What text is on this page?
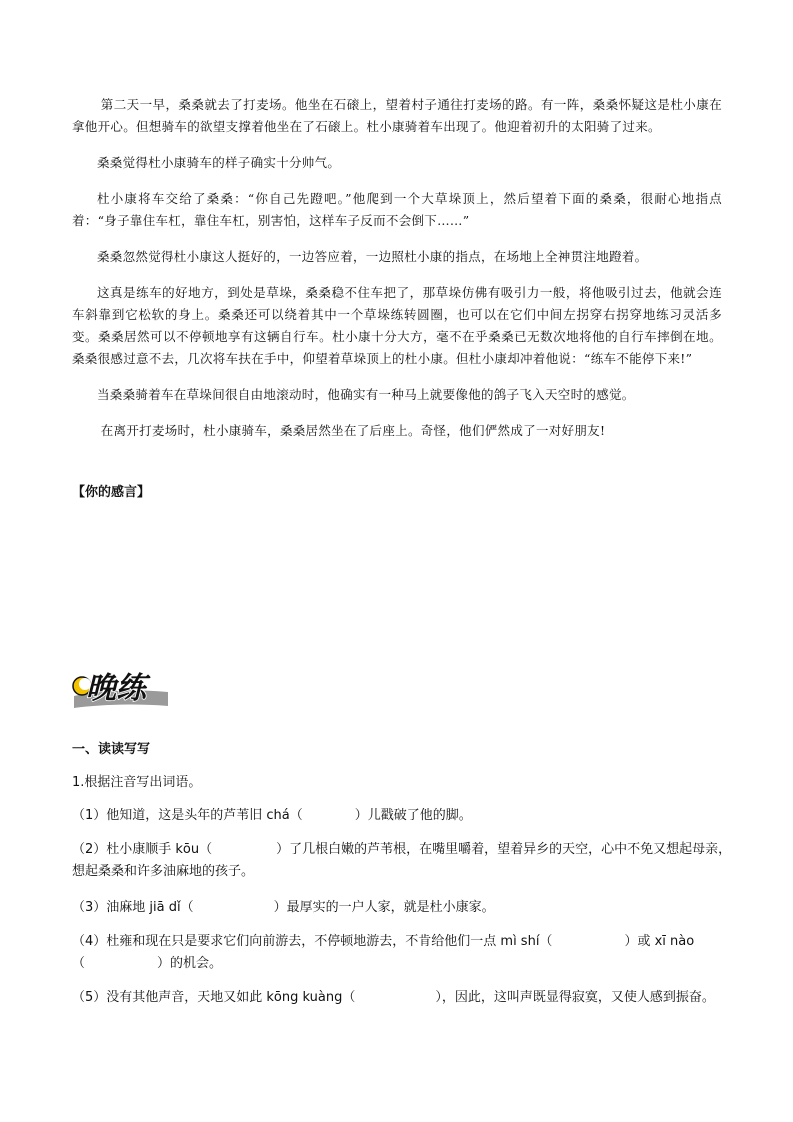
第二天一早，桑桑就去了打麦场。他坐在石磙上，望着村子通往打麦场的路。有一阵，桑桑怀疑这是杜小康在拿他开心。但想骑车的欲望支撑着他坐在了石磙上。杜小康骑着车出现了。他迎着初升的太阳骑了过来。

桑桑觉得杜小康骑车的样子确实十分帅气。

杜小康将车交给了桑桑：“你自己先蹬吧。”他爬到一个大草垛顶上，然后望着下面的桑桑，很耐心地指点着：“身子靠住车杠，靠住车杠，别害怕，这样车子反而不会倒下……”

桑桑忽然觉得杜小康这人挺好的，一边答应着，一边照杜小康的指点，在场地上全神贯注地蹬着。

这真是练车的好地方，到处是草垛，桑桑稳不住车把了，那草垛仿佛有吸引力一般，将他吸引过去，他就会连车斜靠到它松软的身上。桑桑还可以绕着其中一个草垛练转圆圈，也可以在它们中间左拐穿右拐穿地练习灵活多变。桑桑居然可以不停顿地享有这辆自行车。杜小康十分大方，毫不在乎桑桑已无数次地将他的自行车摔倒在地。桑桑很感过意不去，几次将车扶在手中，仰望着草垛顶上的杜小康。但杜小康却冲着他说：“练车不能停下来!”

当桑桑骑着车在草垛间很自由地滚动时，他确实有一种马上就要像他的鸽子飞入天空时的感觉。

在离开打麦场时，杜小康骑车，桑桑居然坐在了后座上。奇怪，他们俨然成了一对好朋友!

【你的感言】
晚练
一、读读写写
1.根据注音写出词语。
（1）他知道，这是头年的芦苇旧 chá（	）儿戳破了他的脚。
（2）杜小康顺手 kōu（	）了几根白嫩的芦苇根，在嘴里嚼着，望着异乡的天空，心中不免又想起母亲，想起桑桑和许多油麻地的孩子。
（3）油麻地 jiā dǐ（	）最厚实的一户人家，就是杜小康家。
（4）杜雍和现在只是要求它们向前游去，不停顿地游去，不肯给他们一点 mì shí（	）或 xī nào
（	）的机会。
（5）没有其他声音，天地又如此 kōng kuàng（	），因此，这叫声既显得寂寞，又使人感到振奋。
